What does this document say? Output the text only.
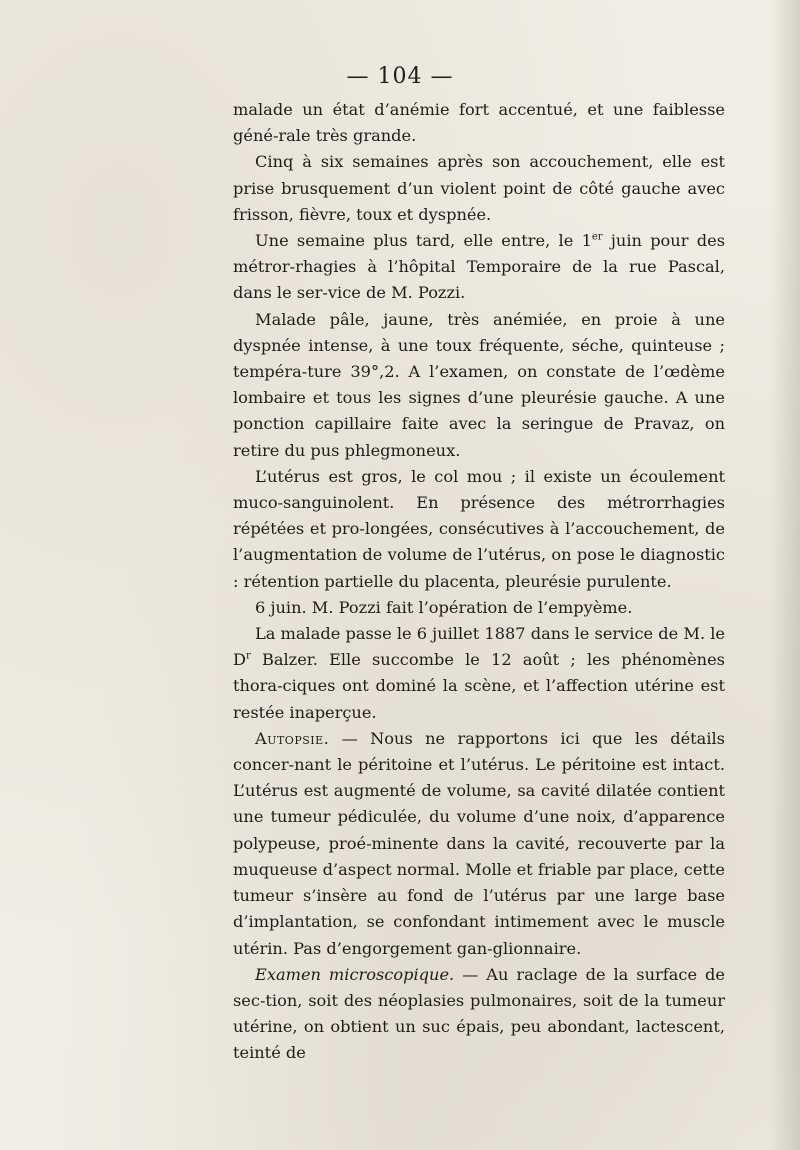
— 104 —

malade un état d’anémie fort accentué, et une faiblesse géné-rale très grande.

Cinq à six semaines après son accouchement, elle est prise brusquement d’un violent point de côté gauche avec frisson, fièvre, toux et dyspnée.

Une semaine plus tard, elle entre, le 1er juin pour des métror-rhagies à l’hôpital Temporaire de la rue Pascal, dans le ser-vice de M. Pozzi.

Malade pâle, jaune, très anémiée, en proie à une dyspnée intense, à une toux fréquente, séche, quinteuse ; tempéra-ture 39°,2. A l’examen, on constate de l’œdème lombaire et tous les signes d’une pleurésie gauche. A une ponction capillaire faite avec la seringue de Pravaz, on retire du pus phlegmoneux.

L’utérus est gros, le col mou ; il existe un écoulement muco-sanguinolent. En présence des métrorrhagies répétées et pro-longées, consécutives à l’accouchement, de l’augmentation de volume de l’utérus, on pose le diagnostic : rétention partielle du placenta, pleurésie purulente.

6 juin. M. Pozzi fait l’opération de l’empyème.

La malade passe le 6 juillet 1887 dans le service de M. le $D^r$ Balzer. Elle succombe le 12 août ; les phénomènes thora-ciques ont dominé la scène, et l’affection utérine est restée inaperçue.

Autopsie. — Nous ne rapportons ici que les détails concer-nant le péritoine et l’utérus. Le péritoine est intact. L’utérus est augmenté de volume, sa cavité dilatée contient une tumeur pédiculée, du volume d’une noix, d’apparence polypeuse, proé-minente dans la cavité, recouverte par la muqueuse d’aspect normal. Molle et friable par place, cette tumeur s’insère au fond de l’utérus par une large base d’implantation, se confondant intimement avec le muscle utérin. Pas d’engorgement gan-glionnaire.

Examen microscopique. — Au raclage de la surface de sec-tion, soit des néoplasies pulmonaires, soit de la tumeur utérine, on obtient un suc épais, peu abondant, lactescent, teinté de
